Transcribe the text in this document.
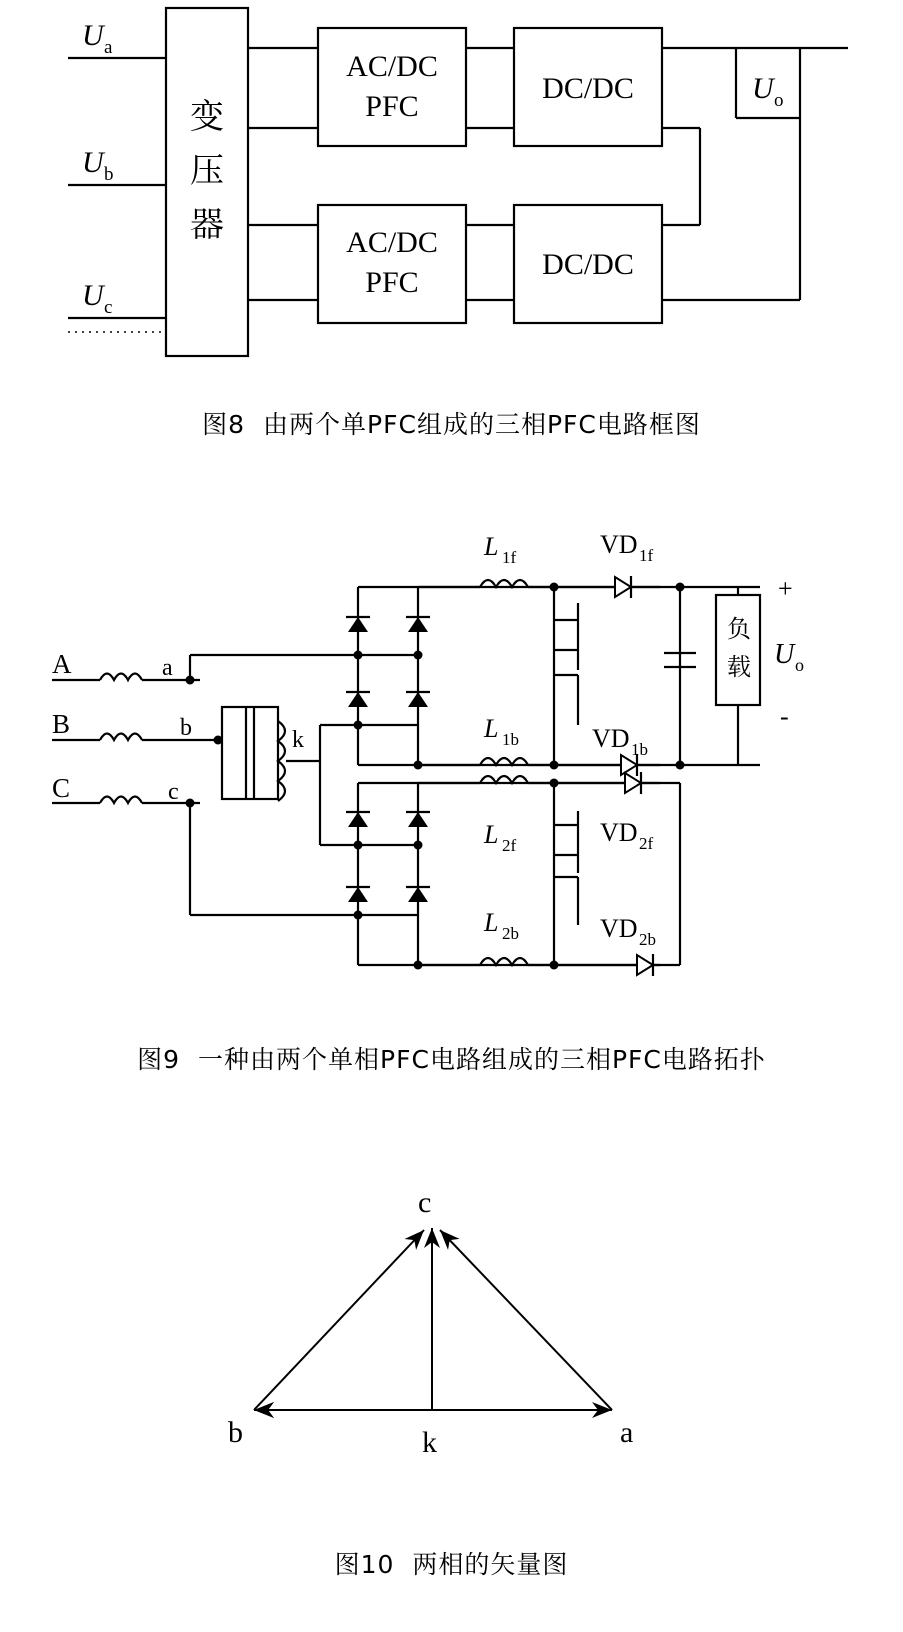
U a
U b
U c
变
压
器
AC/DC
PFC
DC/DC
AC/DC
PFC
DC/DC
U o
图8 由两个单PFC组成的三相PFC电路框图
A	a
B	b
C	c
k
L 1f
L 1b
L 2f
L 2b
VD 1f
VD 1b
VD 2f
VD 2b
负
载 U o
+
-
图9 一种由两个单相PFC电路组成的三相PFC电路拓扑
c
b	a
k
图10 两相的矢量图
